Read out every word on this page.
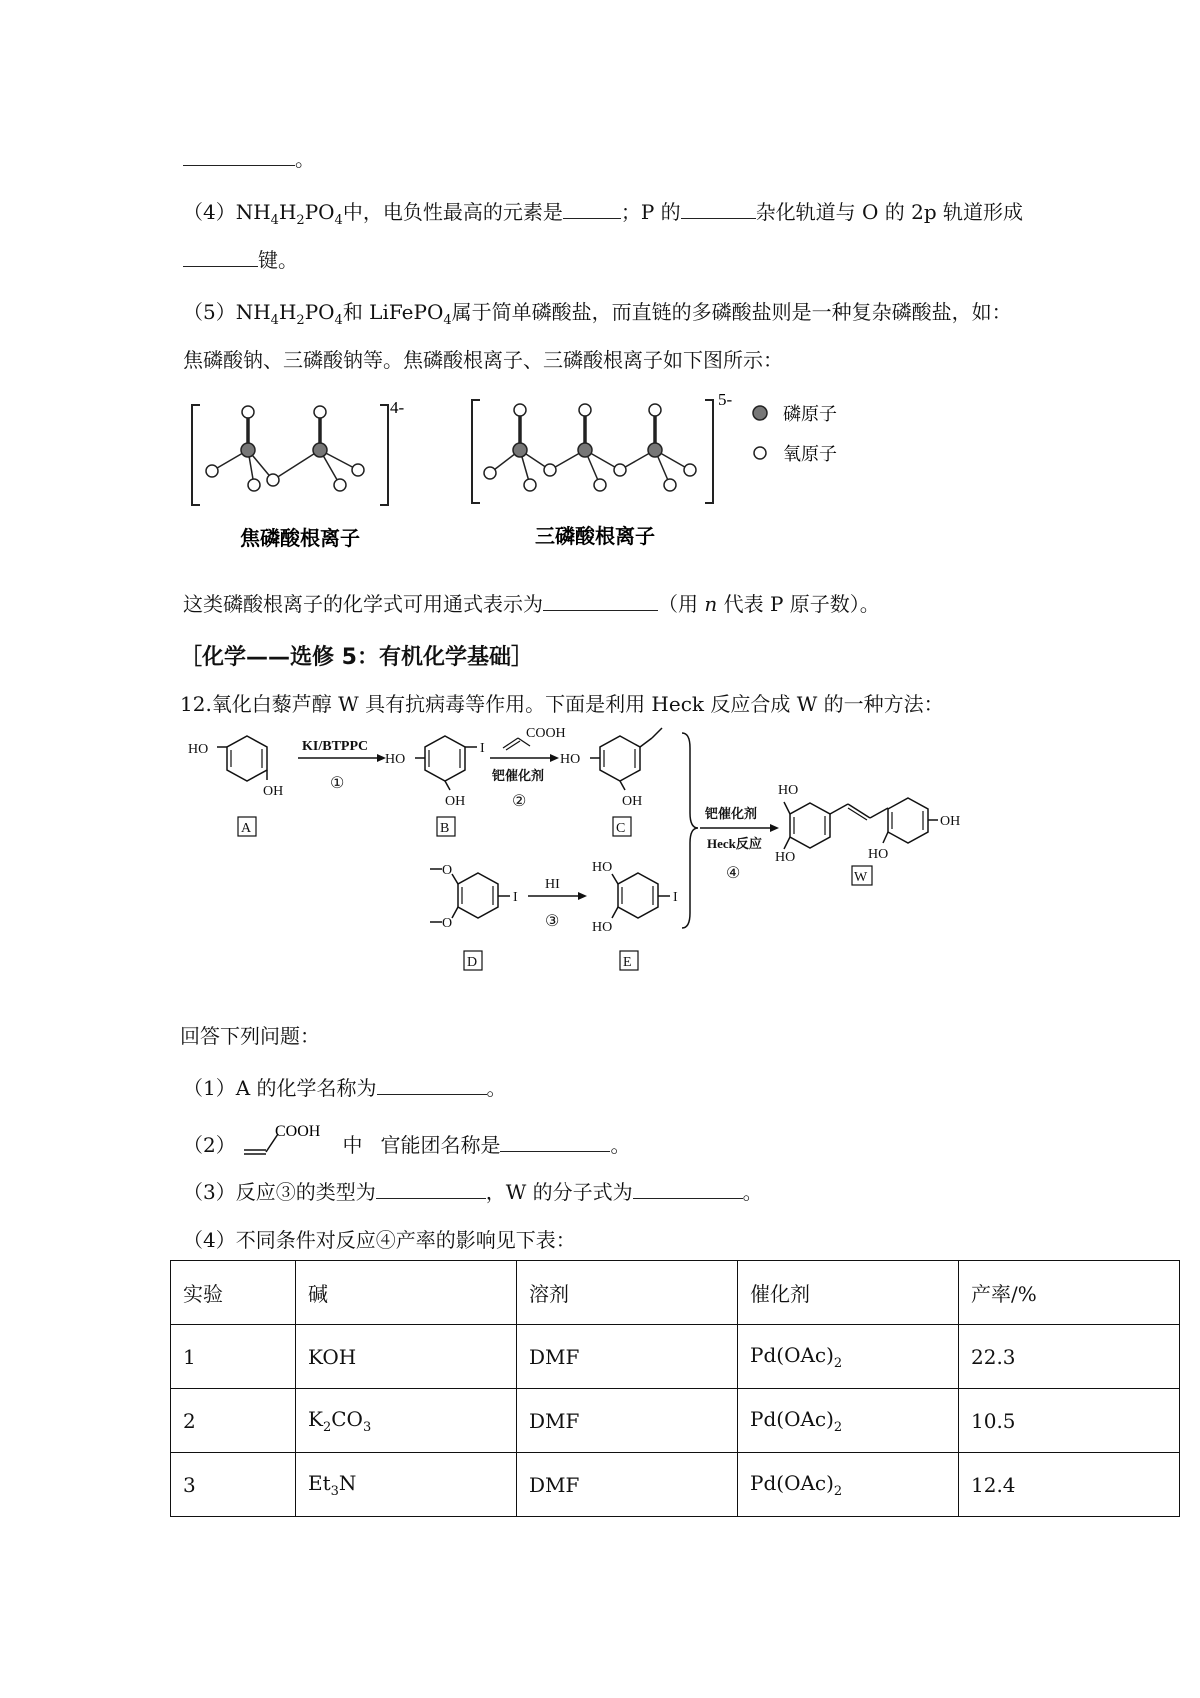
。
$(4)NH_4H_2PO_4$中，电负性最高的元素是	；P 的	杂化轨道与 O 的 2p 轨道形成
键。
$(5)NH_4H_2PO_4$和 LiFePO$_4$属于简单磷酸盐，而直链的多磷酸盐则是一种复杂磷酸盐，如：
焦磷酸钠、三磷酸钠等。焦磷酸根离子、三磷酸根离子如下图所示：
4-
焦磷酸根离子
5-
三磷酸根离子
磷原子
氧原子
这类磷酸根离子的化学式可用通式表示为	（用 n 代表 P 原子数）。
［化学——选修 5：有机化学基础］
12.氧化白藜芦醇 W 具有抗病毒等作用。下面是利用 Heck 反应合成 W 的一种方法：
HO
OH
A
KI/BTPPC
①
HO
I
OH
B
COOH
钯催化剂
②
HO
OH
C
钯催化剂
Heck反应
④
HO
HO
OH
HO
W
O
O
I
D
HI
③
HO
HO
I
E
回答下列问题：
（1）A 的化学名称为	。
（2）
COOH
中 官能团名称是	。
（3）反应③的类型为	，W 的分子式为	。
（4）不同条件对反应④产率的影响见下表：
实验	碱	溶剂	催化剂	产率/%
1	KOH	DMF	$Pd(OAc)_2$	22.3
2	$K_2CO_3$	DMF	$Pd(OAc)_2$	10.5
3	$Et_3N$	DMF	$Pd(OAc)_2$	12.4
